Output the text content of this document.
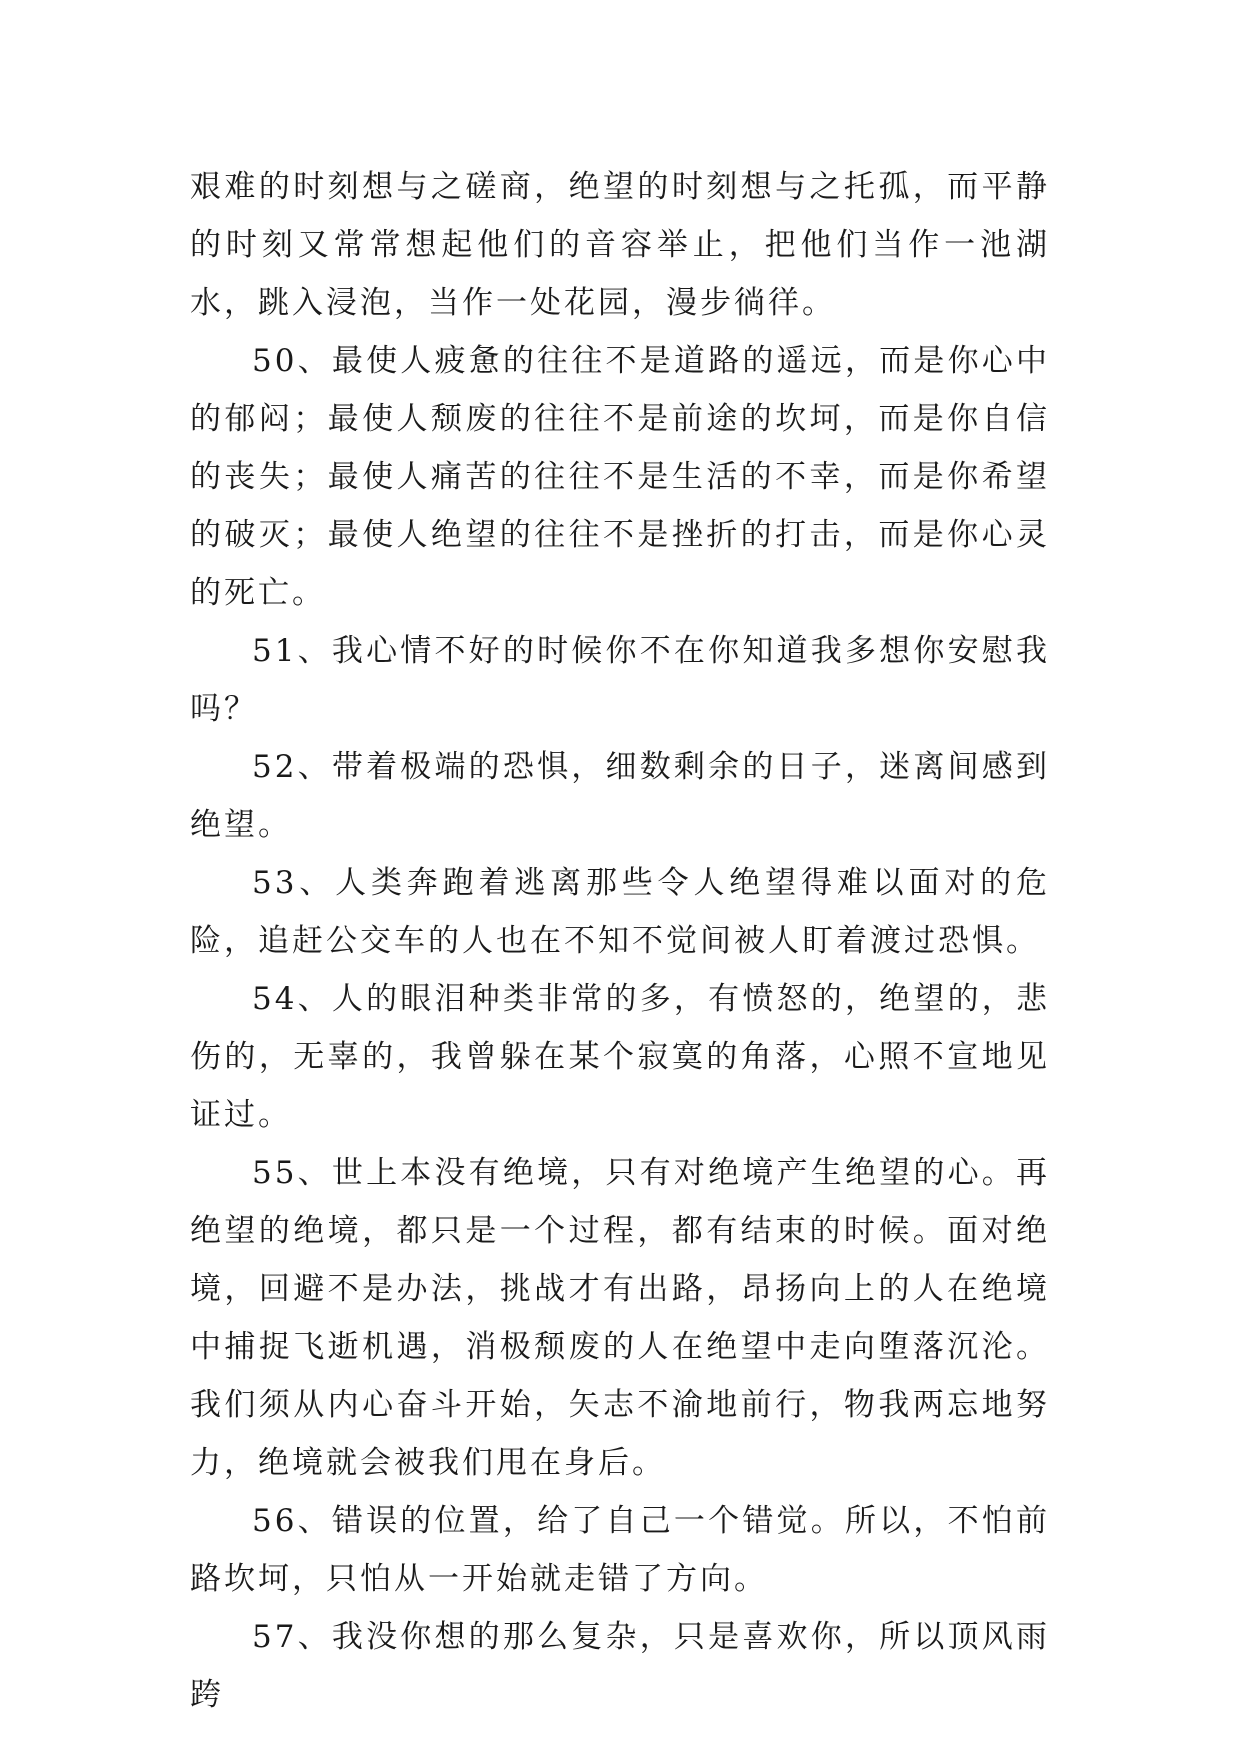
艰难的时刻想与之磋商，绝望的时刻想与之托孤，而平静的时刻又常常想起他们的音容举止，把他们当作一池湖水，跳入浸泡，当作一处花园，漫步徜徉。

50、最使人疲惫的往往不是道路的遥远，而是你心中的郁闷；最使人颓废的往往不是前途的坎坷，而是你自信的丧失；最使人痛苦的往往不是生活的不幸，而是你希望的破灭；最使人绝望的往往不是挫折的打击，而是你心灵的死亡。

51、我心情不好的时候你不在你知道我多想你安慰我吗？

52、带着极端的恐惧，细数剩余的日子，迷离间感到绝望。

53、人类奔跑着逃离那些令人绝望得难以面对的危险，追赶公交车的人也在不知不觉间被人盯着渡过恐惧。

54、人的眼泪种类非常的多，有愤怒的，绝望的，悲伤的，无辜的，我曾躲在某个寂寞的角落，心照不宣地见证过。

55、世上本没有绝境，只有对绝境产生绝望的心。再绝望的绝境，都只是一个过程，都有结束的时候。面对绝境，回避不是办法，挑战才有出路，昂扬向上的人在绝境中捕捉飞逝机遇，消极颓废的人在绝望中走向堕落沉沦。我们须从内心奋斗开始，矢志不渝地前行，物我两忘地努力，绝境就会被我们甩在身后。

56、错误的位置，给了自己一个错觉。所以，不怕前路坎坷，只怕从一开始就走错了方向。

57、我没你想的那么复杂，只是喜欢你，所以顶风雨跨
